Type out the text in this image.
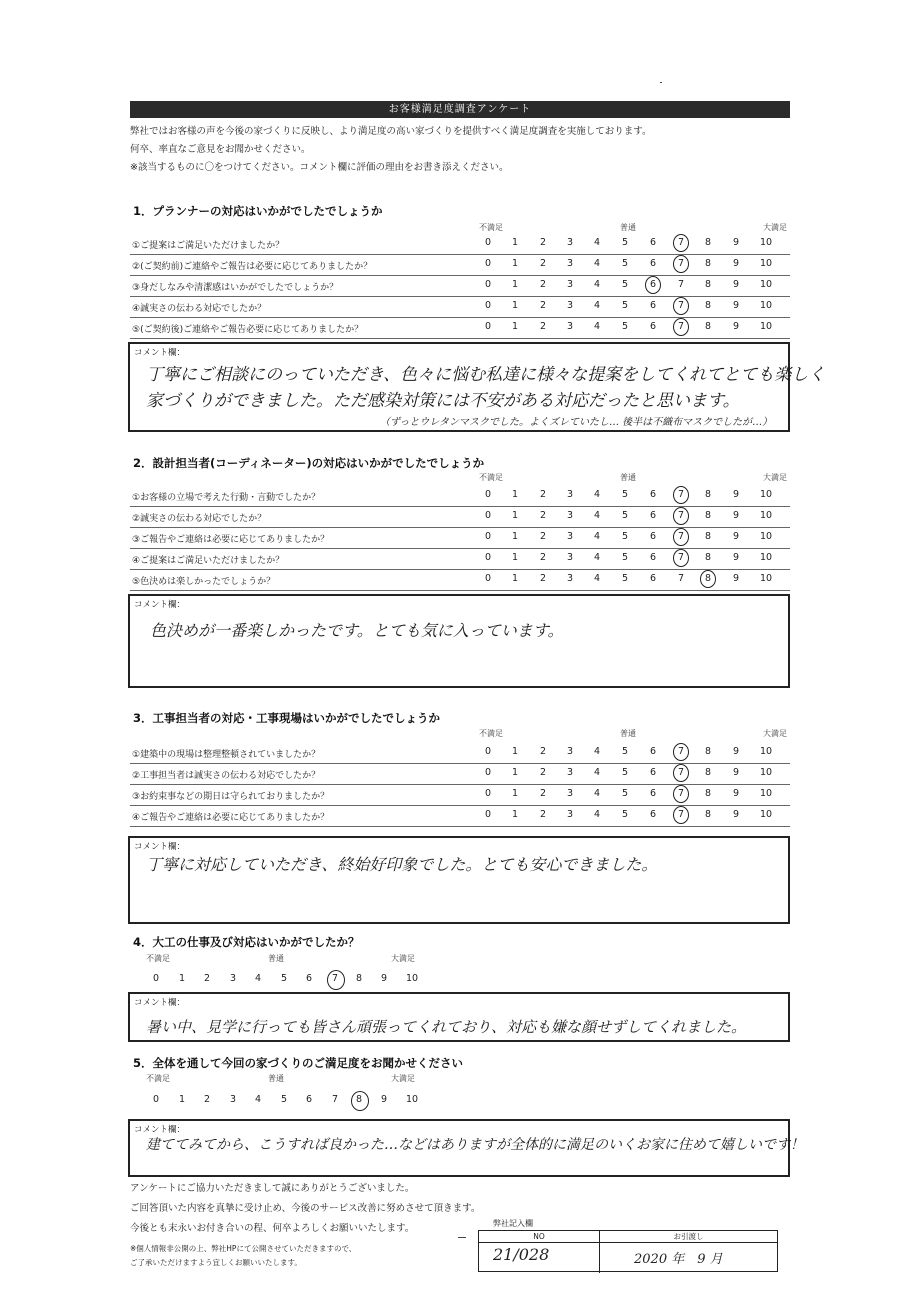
お客様満足度調査アンケート
弊社ではお客様の声を今後の家づくりに反映し、より満足度の高い家づくりを提供すべく満足度調査を実施しております。
何卒、率直なご意見をお聞かせください。
※該当するものに〇をつけてください。コメント欄に評価の理由をお書き添えください。
1．プランナーの対応はいかがでしたでしょうか
不満足	普通	大満足
①ご提案はご満足いただけましたか？	0	1	2	3	4	5	6	7	8	9	10
②(ご契約前)ご連絡やご報告は必要に応じてありましたか？	0	1	2	3	4	5	6	7	8	9	10
③身だしなみや清潔感はいかがでしたでしょうか？	0	1	2	3	4	5	6	7	8	9	10
④誠実さの伝わる対応でしたか？	0	1	2	3	4	5	6	7	8	9	10
⑤(ご契約後)ご連絡やご報告必要に応じてありましたか？	0	1	2	3	4	5	6	7	8	9	10
コメント欄：
丁寧にご相談にのっていただき、色々に悩む私達に様々な提案をしてくれてとても楽しく
家づくりができました。ただ感染対策には不安がある対応だったと思います。
（ずっとウレタンマスクでした。よくズレていたし… 後半は不織布マスクでしたが…）
2．設計担当者(コーディネーター)の対応はいかがでしたでしょうか
不満足	普通	大満足
①お客様の立場で考えた行動・言動でしたか？	0	1	2	3	4	5	6	7	8	9	10
②誠実さの伝わる対応でしたか？	0	1	2	3	4	5	6	7	8	9	10
③ご報告やご連絡は必要に応じてありましたか？	0	1	2	3	4	5	6	7	8	9	10
④ご提案はご満足いただけましたか？	0	1	2	3	4	5	6	7	8	9	10
⑤色決めは楽しかったでしょうか？	0	1	2	3	4	5	6	7	8	9	10
コメント欄：
色決めが一番楽しかったです。とても気に入っています。
3．工事担当者の対応・工事現場はいかがでしたでしょうか
不満足	普通	大満足
①建築中の現場は整理整頓されていましたか？	0	1	2	3	4	5	6	7	8	9	10
②工事担当者は誠実さの伝わる対応でしたか？	0	1	2	3	4	5	6	7	8	9	10
③お約束事などの期日は守られておりましたか？	0	1	2	3	4	5	6	7	8	9	10
④ご報告やご連絡は必要に応じてありましたか？	0	1	2	3	4	5	6	7	8	9	10
コメント欄：
丁寧に対応していただき、終始好印象でした。とても安心できました。
4．大工の仕事及び対応はいかがでしたか？
不満足	普通	大満足
0	1	2	3	4	5	6	7	8	9	10
コメント欄：
暑い中、見学に行っても皆さん頑張ってくれており、対応も嫌な顔せずしてくれました。
5．全体を通して今回の家づくりのご満足度をお聞かせください
不満足	普通	大満足
0	1	2	3	4	5	6	7	8	9	10
コメント欄：
建ててみてから、こうすれば良かった…などはありますが全体的に満足のいくお家に住めて嬉しいです！
アンケートにご協力いただきまして誠にありがとうございました。
ご回答頂いた内容を真摯に受け止め、今後のサービス改善に努めさせて頂きます。
今後とも末永いお付き合いの程、何卒よろしくお願いいたします。
※個人情報非公開の上、弊社HPにて公開させていただきますので、
ご了承いただけますよう宜しくお願いいたします。
弊社記入欄
NO	お引渡し
21/028	2020 年　9 月
